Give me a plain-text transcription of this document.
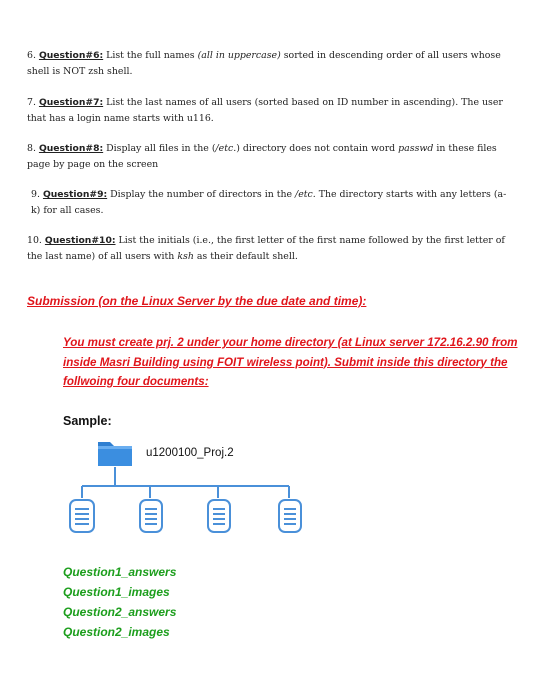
6. Question#6: List the full names (all in uppercase) sorted in descending order of all users whose shell is NOT zsh shell.
7. Question#7: List the last names of all users (sorted based on ID number in ascending). The user that has a login name starts with u116.
8. Question#8: Display all files in the (/etc.) directory does not contain word passwd in these files page by page on the screen
9. Question#9: Display the number of directors in the /etc. The directory starts with any letters (a-k) for all cases.
10. Question#10: List the initials (i.e., the first letter of the first name followed by the first letter of the last name) of all users with ksh as their default shell.
Submission (on the Linux Server by the due date and time):
You must create prj. 2 under your home directory (at Linux server 172.16.2.90 from inside Masri Building using FOIT wireless point). Submit inside this directory the follwoing four documents:
Sample:
u1200100_Proj.2
Question1_answers
Question1_images
Question2_answers
Question2_images
